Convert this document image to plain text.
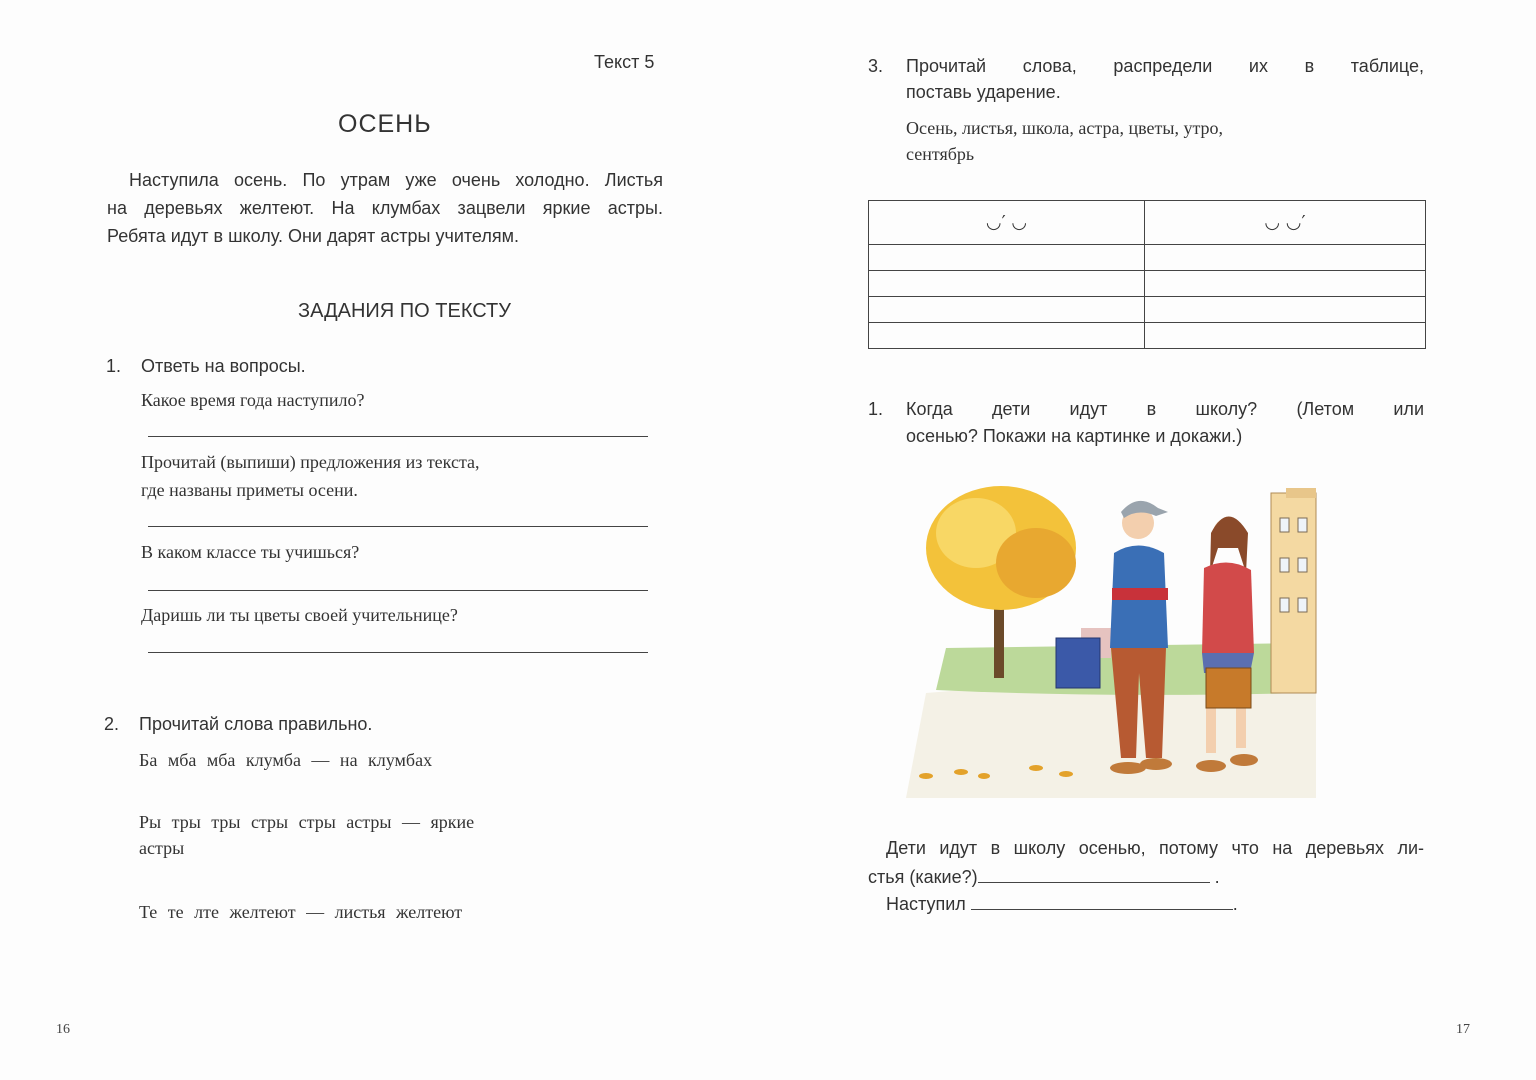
Текст 5
ОСЕНЬ
Наступила осень. По утрам уже очень холодно. Листья
на деревьях желтеют. На клумбах зацвели яркие астры.
Ребята идут в школу. Они дарят астры учителям.
ЗАДАНИЯ ПО ТЕКСТУ
1. Ответь на вопросы.
Какое время года наступило?
Прочитай (выпиши) предложения из текста,
где названы приметы осени.
В каком классе ты учишься?
Даришь ли ты цветы своей учительнице?
2. Прочитай слова правильно.
Ба мба мба клумба — на клумбах
Ры тры тры стры стры астры — яркие
астры
Те те лте желтеют — листья желтеют
16
3. Прочитай слова, распредели их в таблице,
поставь ударение.
Осень, листья, школа, астра, цветы, утро,
сентябрь
◡′ ◡	◡ ◡′

1. Когда дети идут в школу? (Летом или
осенью? Покажи на картинке и докажи.)
Дети идут в школу осенью, потому что на деревьях ли-
стья (какие?)	.
Наступил	.
17
